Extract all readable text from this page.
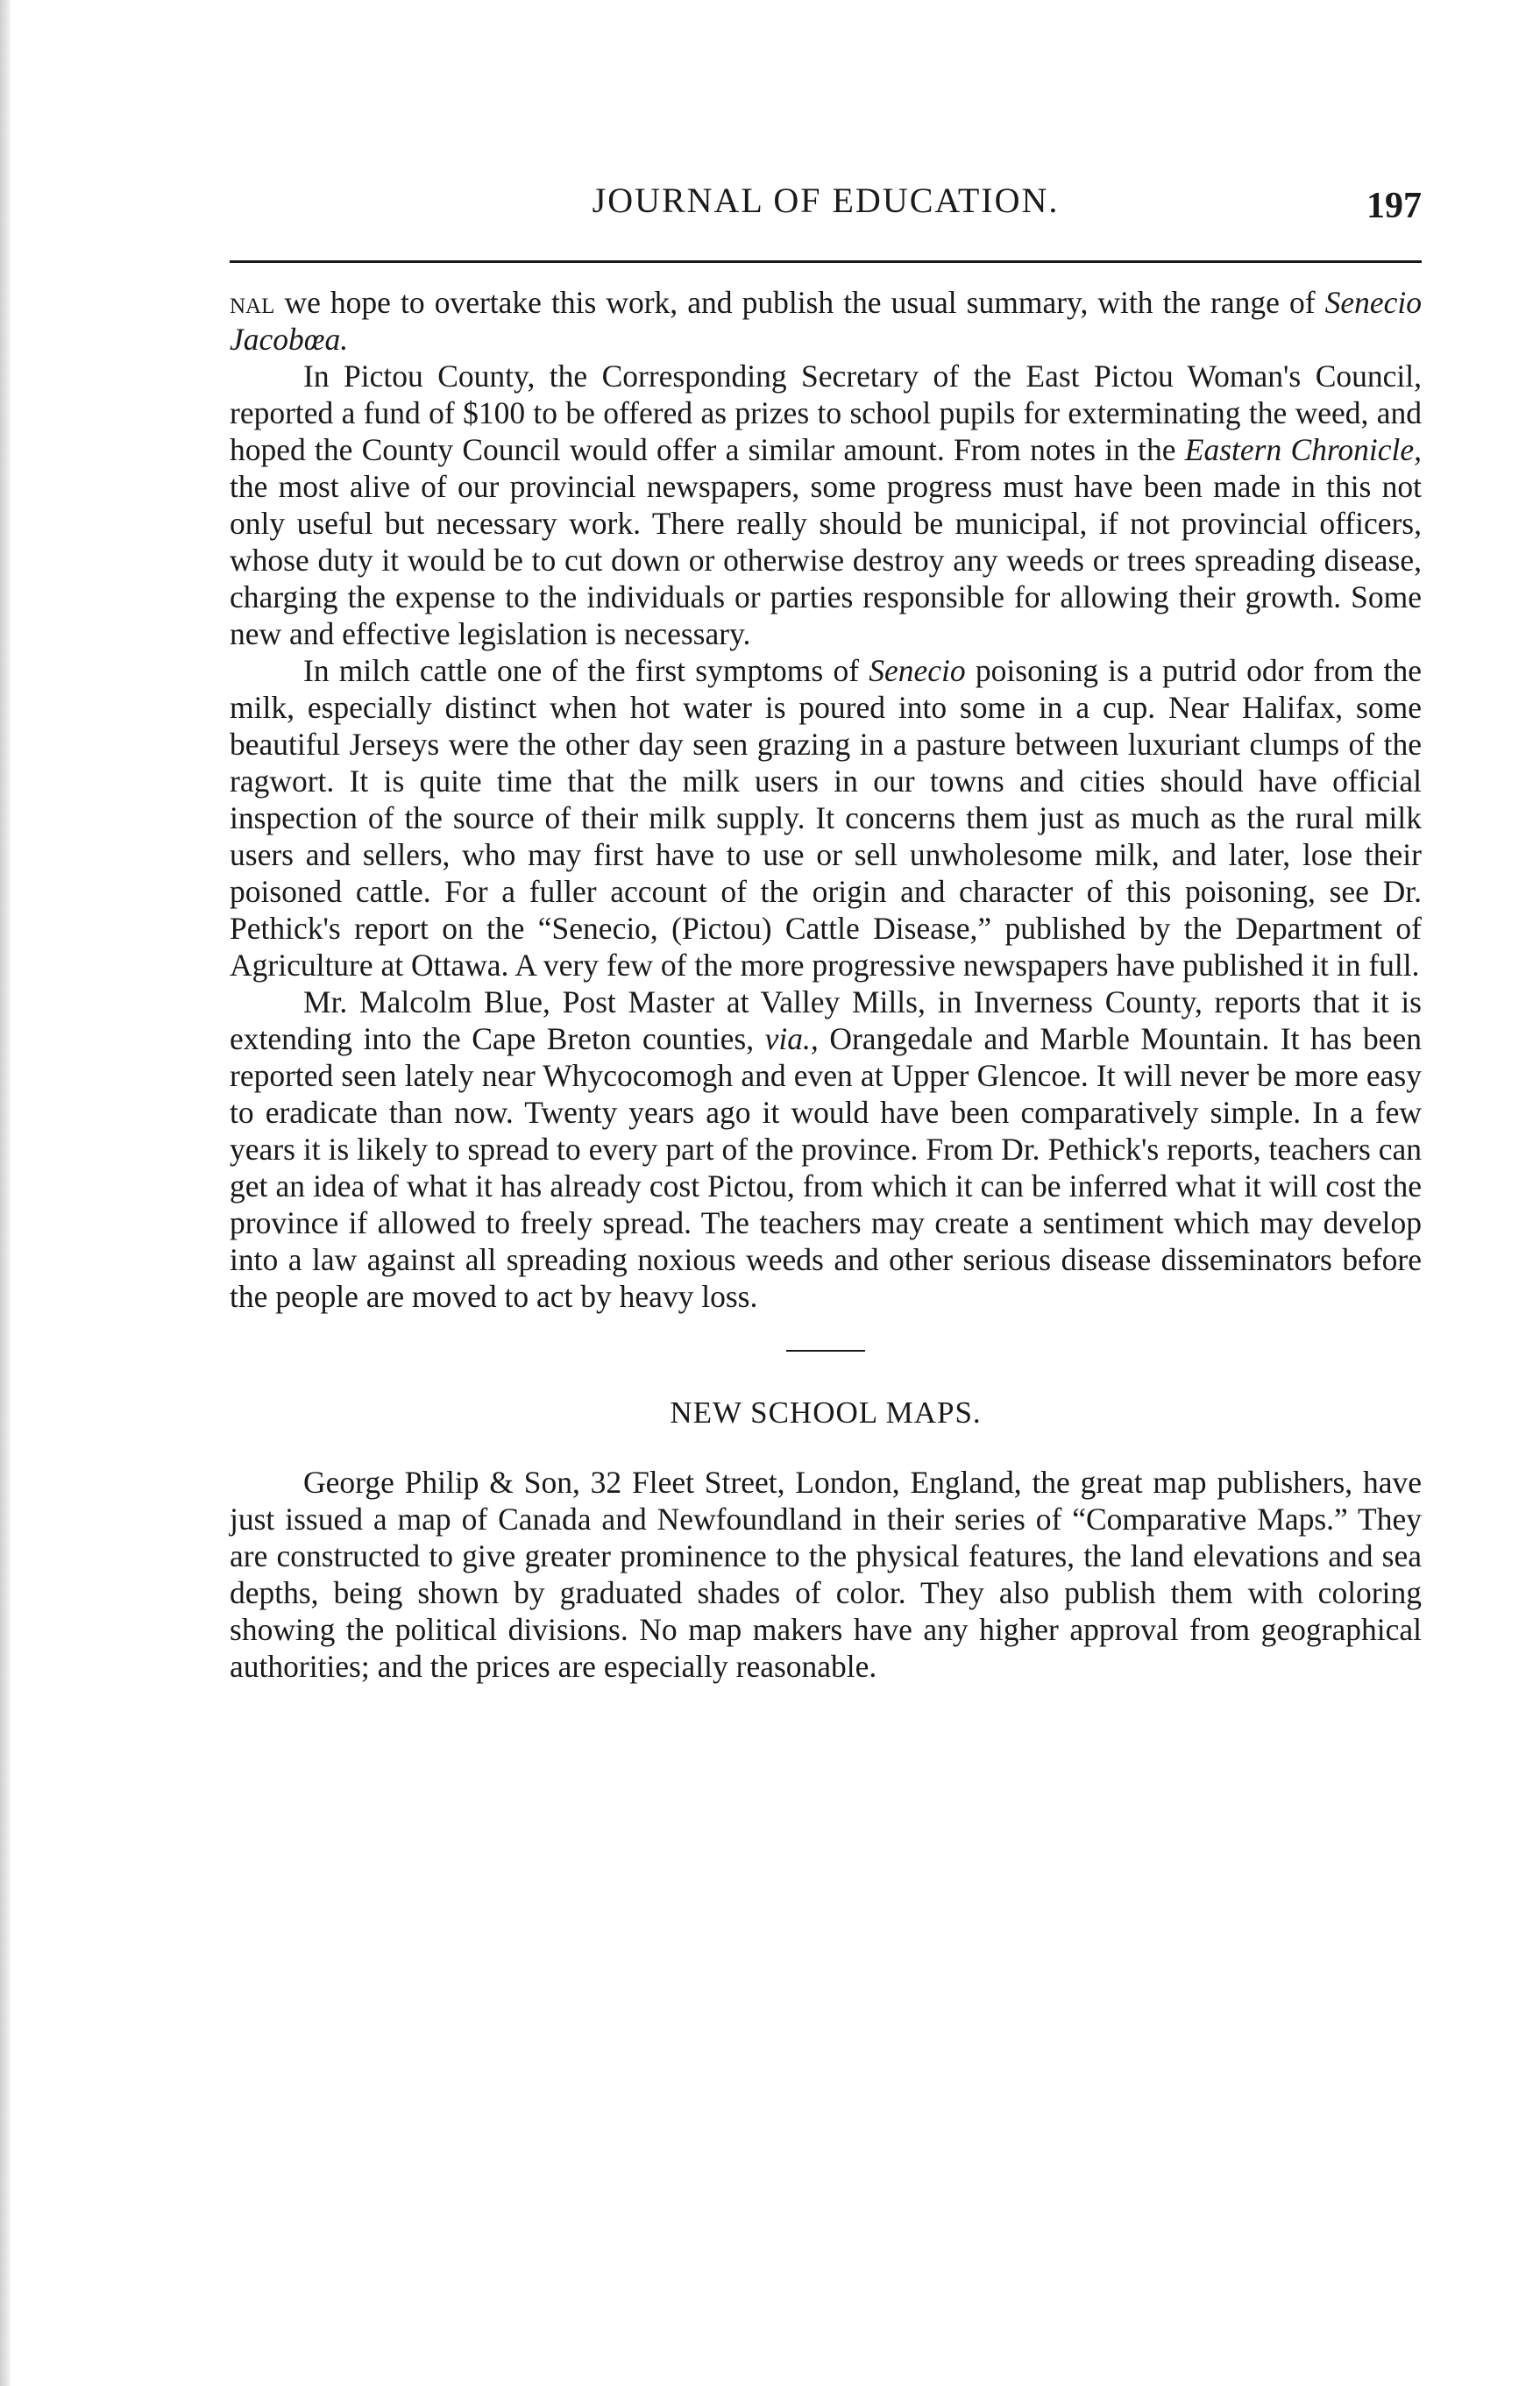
JOURNAL OF EDUCATION.	197

nal we hope to overtake this work, and publish the usual summary, with the range of Senecio Jacobœa.

In Pictou County, the Corresponding Secretary of the East Pictou Woman's Council, reported a fund of $100 to be offered as prizes to school pupils for exterminating the weed, and hoped the County Council would offer a similar amount. From notes in the Eastern Chronicle, the most alive of our provincial newspapers, some progress must have been made in this not only useful but necessary work. There really should be municipal, if not provincial officers, whose duty it would be to cut down or otherwise destroy any weeds or trees spreading disease, charging the expense to the individuals or parties responsible for allowing their growth. Some new and effective legislation is necessary.

In milch cattle one of the first symptoms of Senecio poisoning is a putrid odor from the milk, especially distinct when hot water is poured into some in a cup. Near Halifax, some beautiful Jerseys were the other day seen grazing in a pasture between luxuriant clumps of the ragwort. It is quite time that the milk users in our towns and cities should have official inspection of the source of their milk supply. It concerns them just as much as the rural milk users and sellers, who may first have to use or sell unwholesome milk, and later, lose their poisoned cattle. For a fuller account of the origin and character of this poisoning, see Dr. Pethick's report on the “Senecio, (Pictou) Cattle Disease,” published by the Department of Agriculture at Ottawa. A very few of the more progressive newspapers have published it in full.

Mr. Malcolm Blue, Post Master at Valley Mills, in Inverness County, reports that it is extending into the Cape Breton counties, via., Orangedale and Marble Mountain. It has been reported seen lately near Whycocomogh and even at Upper Glencoe. It will never be more easy to eradicate than now. Twenty years ago it would have been comparatively simple. In a few years it is likely to spread to every part of the province. From Dr. Pethick's reports, teachers can get an idea of what it has already cost Pictou, from which it can be inferred what it will cost the province if allowed to freely spread. The teachers may create a sentiment which may develop into a law against all spreading noxious weeds and other serious disease disseminators before the people are moved to act by heavy loss.

NEW SCHOOL MAPS.

George Philip & Son, 32 Fleet Street, London, England, the great map publishers, have just issued a map of Canada and Newfoundland in their series of “Comparative Maps.” They are constructed to give greater prominence to the physical features, the land elevations and sea depths, being shown by graduated shades of color. They also publish them with coloring showing the political divisions. No map makers have any higher approval from geographical authorities; and the prices are especially reasonable.
